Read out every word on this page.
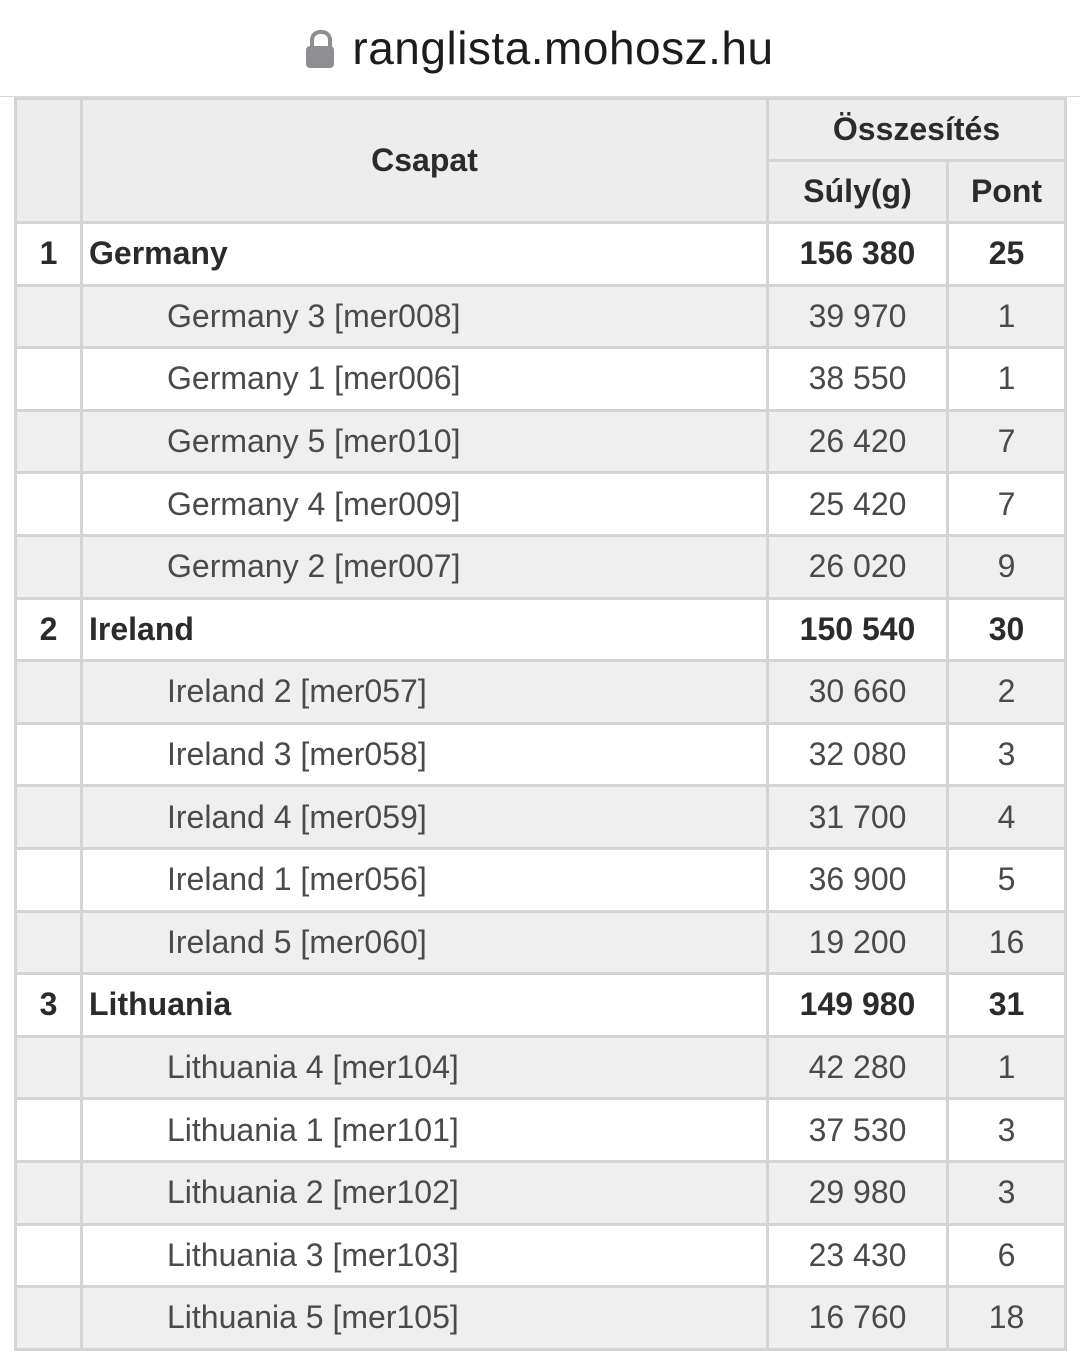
ranglista.mohosz.hu
	Csapat	Összesítés	
		Súly(g)	Pont
1	Germany	156 380	25
	Germany 3 [mer008]	39 970	1
	Germany 1 [mer006]	38 550	1
	Germany 5 [mer010]	26 420	7
	Germany 4 [mer009]	25 420	7
	Germany 2 [mer007]	26 020	9
2	Ireland	150 540	30
	Ireland 2 [mer057]	30 660	2
	Ireland 3 [mer058]	32 080	3
	Ireland 4 [mer059]	31 700	4
	Ireland 1 [mer056]	36 900	5
	Ireland 5 [mer060]	19 200	16
3	Lithuania	149 980	31
	Lithuania 4 [mer104]	42 280	1
	Lithuania 1 [mer101]	37 530	3
	Lithuania 2 [mer102]	29 980	3
	Lithuania 3 [mer103]	23 430	6
	Lithuania 5 [mer105]	16 760	18
